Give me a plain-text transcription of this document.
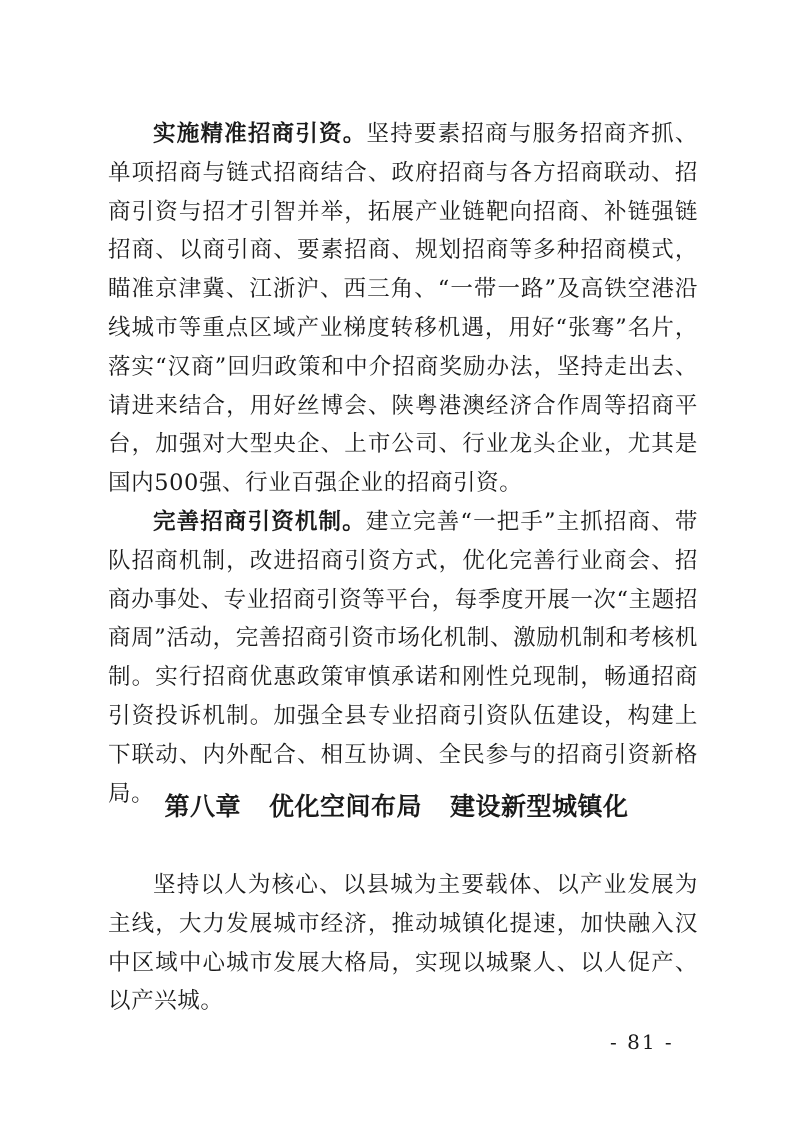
实施精准招商引资。坚持要素招商与服务招商齐抓、单项招商与链式招商结合、政府招商与各方招商联动、招商引资与招才引智并举，拓展产业链靶向招商、补链强链招商、以商引商、要素招商、规划招商等多种招商模式，瞄准京津冀、江浙沪、西三角、“一带一路”及高铁空港沿线城市等重点区域产业梯度转移机遇，用好“张骞”名片，落实“汉商”回归政策和中介招商奖励办法，坚持走出去、请进来结合，用好丝博会、陕粤港澳经济合作周等招商平台，加强对大型央企、上市公司、行业龙头企业，尤其是国内500强、行业百强企业的招商引资。

完善招商引资机制。建立完善“一把手”主抓招商、带队招商机制，改进招商引资方式，优化完善行业商会、招商办事处、专业招商引资等平台，每季度开展一次“主题招商周”活动，完善招商引资市场化机制、激励机制和考核机制。实行招商优惠政策审慎承诺和刚性兑现制，畅通招商引资投诉机制。加强全县专业招商引资队伍建设，构建上下联动、内外配合、相互协调、全民参与的招商引资新格局。 第八章 优化空间布局 建设新型城镇化

坚持以人为核心、以县城为主要载体、以产业发展为主线，大力发展城市经济，推动城镇化提速，加快融入汉中区域中心城市发展大格局，实现以城聚人、以人促产、以产兴城。

- 81 -
